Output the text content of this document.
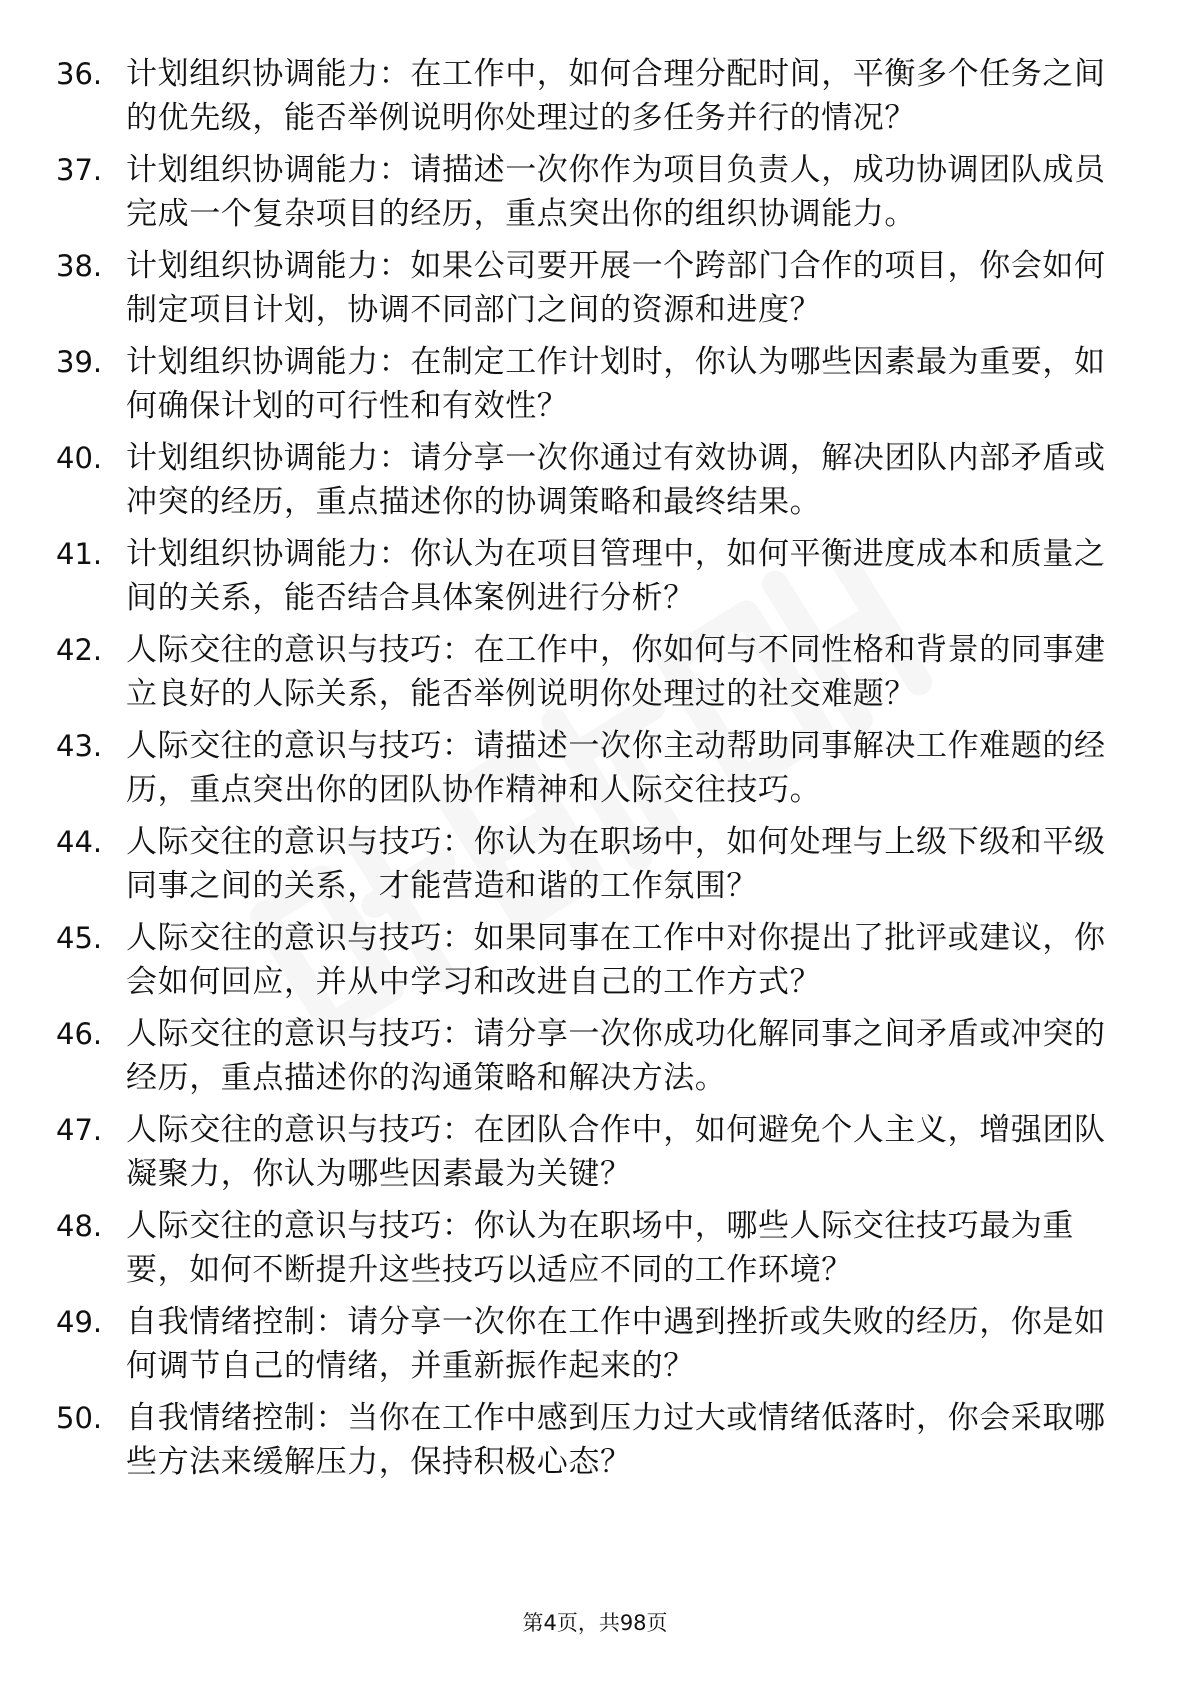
36. 计划组织协调能力：在工作中，如何合理分配时间，平衡多个任务之间的优先级，能否举例说明你处理过的多任务并行的情况？
37. 计划组织协调能力：请描述一次你作为项目负责人，成功协调团队成员完成一个复杂项目的经历，重点突出你的组织协调能力。
38. 计划组织协调能力：如果公司要开展一个跨部门合作的项目，你会如何制定项目计划，协调不同部门之间的资源和进度？
39. 计划组织协调能力：在制定工作计划时，你认为哪些因素最为重要，如何确保计划的可行性和有效性？
40. 计划组织协调能力：请分享一次你通过有效协调，解决团队内部矛盾或冲突的经历，重点描述你的协调策略和最终结果。
41. 计划组织协调能力：你认为在项目管理中，如何平衡进度成本和质量之间的关系，能否结合具体案例进行分析？
42. 人际交往的意识与技巧：在工作中，你如何与不同性格和背景的同事建立良好的人际关系，能否举例说明你处理过的社交难题？
43. 人际交往的意识与技巧：请描述一次你主动帮助同事解决工作难题的经历，重点突出你的团队协作精神和人际交往技巧。
44. 人际交往的意识与技巧：你认为在职场中，如何处理与上级下级和平级同事之间的关系，才能营造和谐的工作氛围？
45. 人际交往的意识与技巧：如果同事在工作中对你提出了批评或建议，你会如何回应，并从中学习和改进自己的工作方式？
46. 人际交往的意识与技巧：请分享一次你成功化解同事之间矛盾或冲突的经历，重点描述你的沟通策略和解决方法。
47. 人际交往的意识与技巧：在团队合作中，如何避免个人主义，增强团队凝聚力，你认为哪些因素最为关键？
48. 人际交往的意识与技巧：你认为在职场中，哪些人际交往技巧最为重要，如何不断提升这些技巧以适应不同的工作环境？
49. 自我情绪控制：请分享一次你在工作中遇到挫折或失败的经历，你是如何调节自己的情绪，并重新振作起来的？
50. 自我情绪控制：当你在工作中感到压力过大或情绪低落时，你会采取哪些方法来缓解压力，保持积极心态？
第4页，共98页
